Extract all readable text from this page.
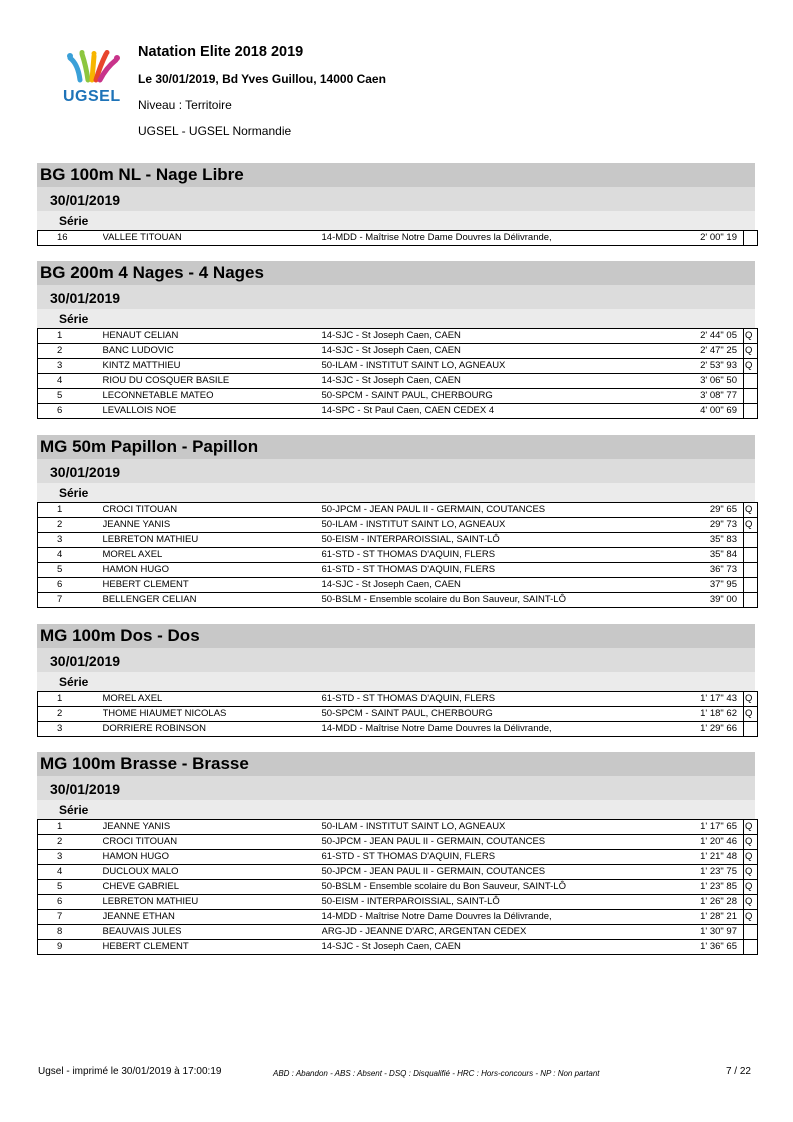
UGSEL
Natation Elite 2018 2019
Le 30/01/2019, Bd Yves Guillou, 14000 Caen
Niveau : Territoire
UGSEL - UGSEL Normandie
BG 100m NL - Nage Libre
30/01/2019
Série
16	VALLEE TITOUAN	14-MDD - Maîtrise Notre Dame Douvres la Délivrande,	2' 00" 19	
BG 200m 4 Nages - 4 Nages
30/01/2019
Série
1	HENAUT CELIAN	14-SJC - St Joseph Caen, CAEN	2' 44" 05	Q
2	BANC LUDOVIC	14-SJC - St Joseph Caen, CAEN	2' 47" 25	Q
3	KINTZ MATTHIEU	50-ILAM - INSTITUT SAINT LO, AGNEAUX	2' 53" 93	Q
4	RIOU DU COSQUER BASILE	14-SJC - St Joseph Caen, CAEN	3' 06" 50	
5	LECONNETABLE MATEO	50-SPCM - SAINT PAUL, CHERBOURG	3' 08" 77	
6	LEVALLOIS NOE	14-SPC - St Paul Caen, CAEN CEDEX 4	4' 00" 69	
MG 50m Papillon - Papillon
30/01/2019
Série
1	CROCI TITOUAN	50-JPCM - JEAN PAUL II - GERMAIN, COUTANCES	29" 65	Q
2	JEANNE YANIS	50-ILAM - INSTITUT SAINT LO, AGNEAUX	29" 73	Q
3	LEBRETON MATHIEU	50-EISM - INTERPAROISSIAL, SAINT-LÔ	35" 83	
4	MOREL AXEL	61-STD - ST THOMAS D'AQUIN, FLERS	35" 84	
5	HAMON HUGO	61-STD - ST THOMAS D'AQUIN, FLERS	36" 73	
6	HEBERT CLEMENT	14-SJC - St Joseph Caen, CAEN	37" 95	
7	BELLENGER CELIAN	50-BSLM - Ensemble scolaire du Bon Sauveur, SAINT-LÔ	39" 00	
MG 100m Dos - Dos
30/01/2019
Série
1	MOREL AXEL	61-STD - ST THOMAS D'AQUIN, FLERS	1' 17" 43	Q
2	THOME HIAUMET NICOLAS	50-SPCM - SAINT PAUL, CHERBOURG	1' 18" 62	Q
3	DORRIERE ROBINSON	14-MDD - Maîtrise Notre Dame Douvres la Délivrande,	1' 29" 66	
MG 100m Brasse - Brasse
30/01/2019
Série
1	JEANNE YANIS	50-ILAM - INSTITUT SAINT LO, AGNEAUX	1' 17" 65	Q
2	CROCI TITOUAN	50-JPCM - JEAN PAUL II - GERMAIN, COUTANCES	1' 20" 46	Q
3	HAMON HUGO	61-STD - ST THOMAS D'AQUIN, FLERS	1' 21" 48	Q
4	DUCLOUX MALO	50-JPCM - JEAN PAUL II - GERMAIN, COUTANCES	1' 23" 75	Q
5	CHEVE GABRIEL	50-BSLM - Ensemble scolaire du Bon Sauveur, SAINT-LÔ	1' 23" 85	Q
6	LEBRETON MATHIEU	50-EISM - INTERPAROISSIAL, SAINT-LÔ	1' 26" 28	Q
7	JEANNE ETHAN	14-MDD - Maîtrise Notre Dame Douvres la Délivrande,	1' 28" 21	Q
8	BEAUVAIS JULES	ARG-JD - JEANNE D'ARC, ARGENTAN CEDEX	1' 30" 97	
9	HEBERT CLEMENT	14-SJC - St Joseph Caen, CAEN	1' 36" 65	
Ugsel - imprimé le 30/01/2019 à 17:00:19	ABD : Abandon - ABS : Absent - DSQ : Disqualifié - HRC : Hors-concours - NP : Non partant	7 / 22
